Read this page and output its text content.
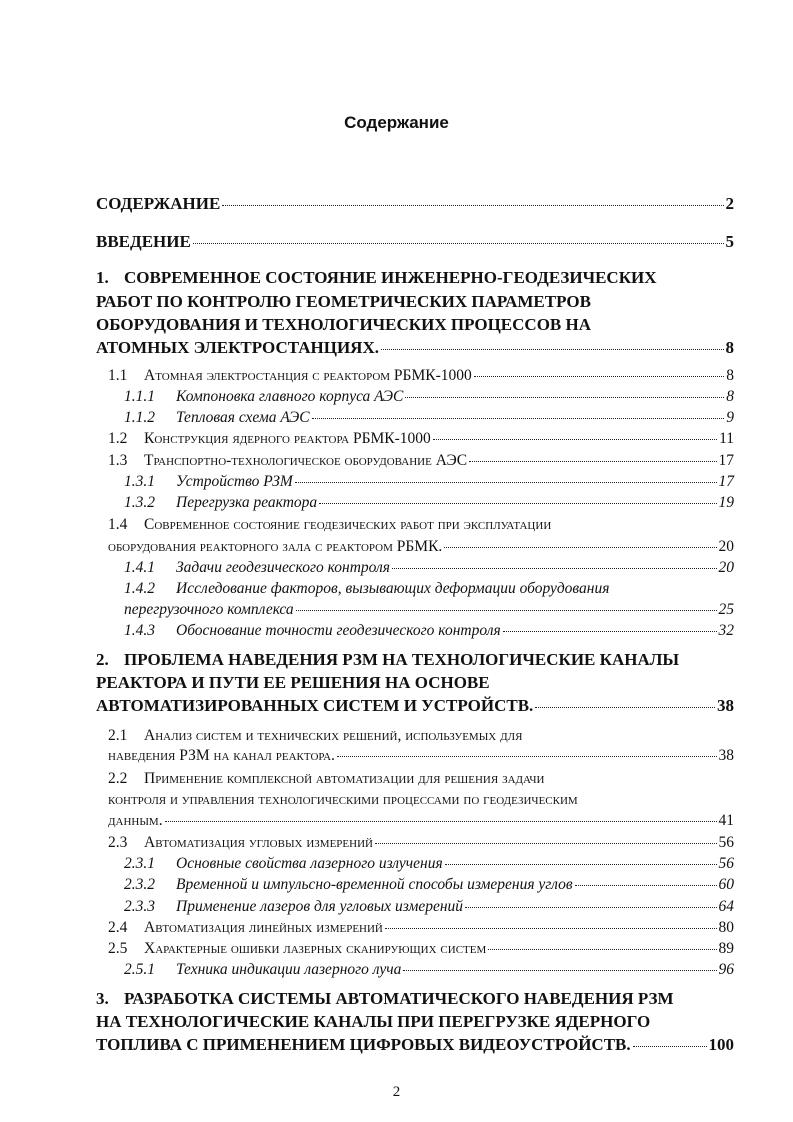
Содержание
СОДЕРЖАНИЕ	2
ВВЕДЕНИЕ	5
1. СОВРЕМЕННОЕ СОСТОЯНИЕ ИНЖЕНЕРНО-ГЕОДЕЗИЧЕСКИХ
РАБОТ ПО КОНТРОЛЮ ГЕОМЕТРИЧЕСКИХ ПАРАМЕТРОВ
ОБОРУДОВАНИЯ И ТЕХНОЛОГИЧЕСКИХ ПРОЦЕССОВ НА
АТОМНЫХ ЭЛЕКТРОСТАНЦИЯХ.	8
1.1 Атомная электростанция с реактором РБМК-1000	8
1.1.1 Компоновка главного корпуса АЭС	8
1.1.2 Тепловая схема АЭС	9
1.2 Конструкция ядерного реактора РБМК-1000	11
1.3 Транспортно-технологическое оборудование АЭС	17
1.3.1 Устройство РЗМ	17
1.3.2 Перегрузка реактора	19
1.4 Современное состояние геодезических работ при эксплуатации
оборудования реакторного зала с реактором РБМК.	20
1.4.1 Задачи геодезического контроля	20
1.4.2 Исследование факторов, вызывающих деформации оборудования
перегрузочного комплекса	25
1.4.3 Обоснование точности геодезического контроля	32
2. ПРОБЛЕМА НАВЕДЕНИЯ РЗМ НА ТЕХНОЛОГИЧЕСКИЕ КАНАЛЫ
РЕАКТОРА И ПУТИ ЕЕ РЕШЕНИЯ НА ОСНОВЕ
АВТОМАТИЗИРОВАННЫХ СИСТЕМ И УСТРОЙСТВ.	38
2.1 Анализ систем и технических решений, используемых для
наведения РЗМ на канал реактора.	38
2.2 Применение комплексной автоматизации для решения задачи
контроля и управления технологическими процессами по геодезическим
данным.	41
2.3 Автоматизация угловых измерений	56
2.3.1 Основные свойства лазерного излучения	56
2.3.2 Временной и импульсно-временной способы измерения углов	60
2.3.3 Применение лазеров для угловых измерений	64
2.4 Автоматизация линейных измерений	80
2.5 Характерные ошибки лазерных сканирующих систем	89
2.5.1 Техника индикации лазерного луча	96
3. РАЗРАБОТКА СИСТЕМЫ АВТОМАТИЧЕСКОГО НАВЕДЕНИЯ РЗМ
НА ТЕХНОЛОГИЧЕСКИЕ КАНАЛЫ ПРИ ПЕРЕГРУЗКЕ ЯДЕРНОГО
ТОПЛИВА С ПРИМЕНЕНИЕМ ЦИФРОВЫХ ВИДЕОУСТРОЙСТВ.	100
2
